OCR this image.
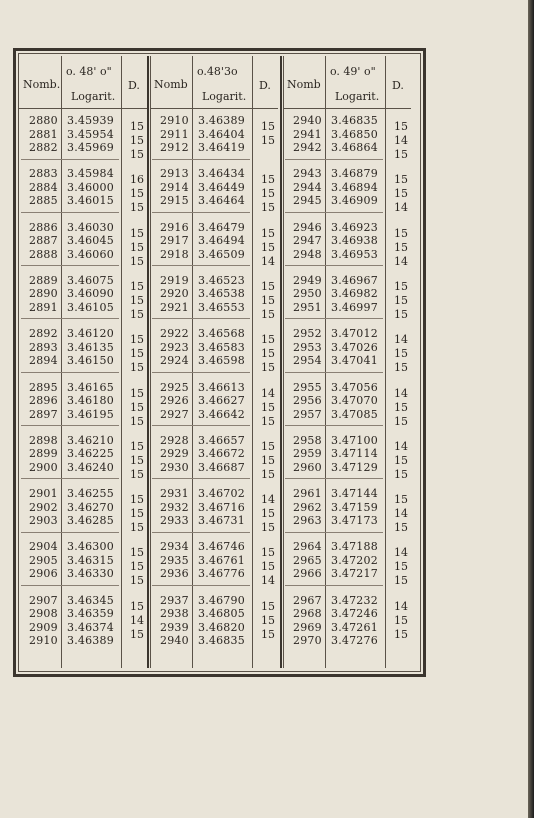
Nomb.
o. 48' o"
Logarit.
D.
2880 3.45939
2881 3.45954
2882 3.45969
15
15
15
2883 3.45984
2884 3.46000
2885 3.46015
16
15
15
2886 3.46030
2887 3.46045
2888 3.46060
15
15
15
2889 3.46075
2890 3.46090
2891 3.46105
15
15
15
2892 3.46120
2893 3.46135
2894 3.46150
15
15
15
2895 3.46165
2896 3.46180
2897 3.46195
15
15
15
2898 3.46210
2899 3.46225
2900 3.46240
15
15
15
2901 3.46255
2902 3.46270
2903 3.46285
15
15
15
2904 3.46300
2905 3.46315
2906 3.46330
15
15
15
2907 3.46345
2908 3.46359
2909 3.46374
2910 3.46389
15
14
15
Nomb
o.48'3o
Logarit.
D.
2910 3.46389
2911 3.46404
2912 3.46419
15
15
2913 3.46434
2914 3.46449
2915 3.46464
15
15
15
2916 3.46479
2917 3.46494
2918 3.46509
15
15
14
2919 3.46523
2920 3.46538
2921 3.46553
15
15
15
2922 3.46568
2923 3.46583
2924 3.46598
15
15
15
2925 3.46613
2926 3.46627
2927 3.46642
14
15
15
2928 3.46657
2929 3.46672
2930 3.46687
15
15
15
2931 3.46702
2932 3.46716
2933 3.46731
14
15
15
2934 3.46746
2935 3.46761
2936 3.46776
15
15
14
2937 3.46790
2938 3.46805
2939 3.46820
2940 3.46835
15
15
15
Nomb
o. 49' o"
Logarit.
D.
2940 3.46835
2941 3.46850
2942 3.46864
15
14
15
2943 3.46879
2944 3.46894
2945 3.46909
15
15
14
2946 3.46923
2947 3.46938
2948 3.46953
15
15
14
2949 3.46967
2950 3.46982
2951 3.46997
15
15
15
2952 3.47012
2953 3.47026
2954 3.47041
14
15
15
2955 3.47056
2956 3.47070
2957 3.47085
14
15
15
2958 3.47100
2959 3.47114
2960 3.47129
14
15
15
2961 3.47144
2962 3.47159
2963 3.47173
15
14
15
2964 3.47188
2965 3.47202
2966 3.47217
14
15
15
2967 3.47232
2968 3.47246
2969 3.47261
2970 3.47276
14
15
15
